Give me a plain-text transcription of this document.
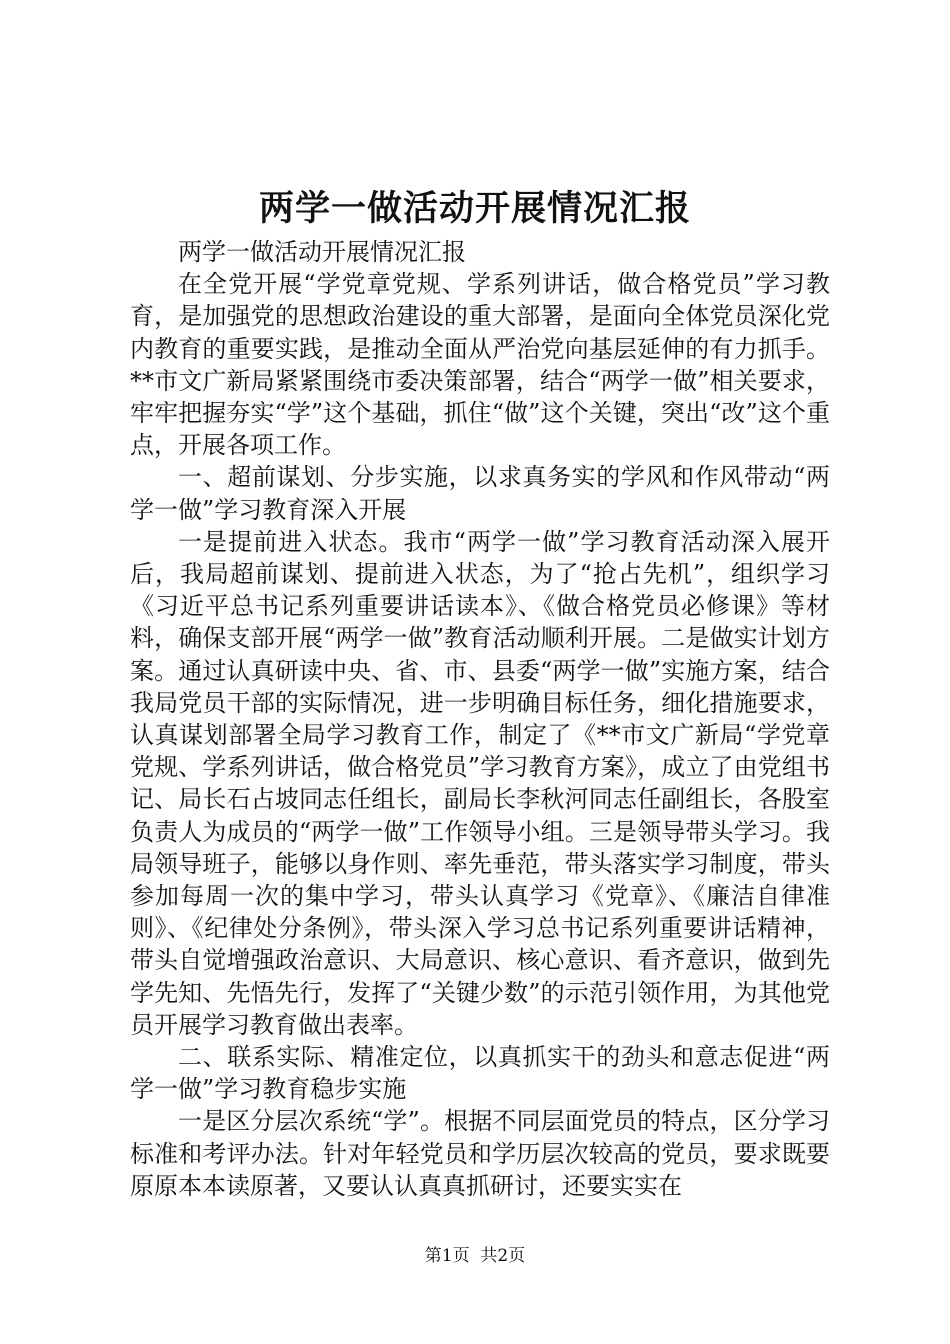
两学一做活动开展情况汇报

两学一做活动开展情况汇报

在全党开展“学党章党规、学系列讲话，做合格党员”学习教育，是加强党的思想政治建设的重大部署，是面向全体党员深化党内教育的重要实践，是推动全面从严治党向基层延伸的有力抓手。**市文广新局紧紧围绕市委决策部署，结合“两学一做”相关要求，牢牢把握夯实“学”这个基础，抓住“做”这个关键，突出“改”这个重点，开展各项工作。

一、超前谋划、分步实施，以求真务实的学风和作风带动“两学一做”学习教育深入开展

一是提前进入状态。我市“两学一做”学习教育活动深入展开后，我局超前谋划、提前进入状态，为了“抢占先机”，组织学习《习近平总书记系列重要讲话读本》、《做合格党员必修课》等材料，确保支部开展“两学一做”教育活动顺利开展。二是做实计划方案。通过认真研读中央、省、市、县委“两学一做”实施方案，结合我局党员干部的实际情况，进一步明确目标任务，细化措施要求，认真谋划部署全局学习教育工作，制定了《**市文广新局“学党章党规、学系列讲话，做合格党员”学习教育方案》，成立了由党组书记、局长石占坡同志任组长，副局长李秋河同志任副组长，各股室负责人为成员的“两学一做”工作领导小组。三是领导带头学习。我局领导班子，能够以身作则、率先垂范，带头落实学习制度，带头参加每周一次的集中学习，带头认真学习《党章》、《廉洁自律准则》、《纪律处分条例》，带头深入学习总书记系列重要讲话精神，带头自觉增强政治意识、大局意识、核心意识、看齐意识，做到先学先知、先悟先行，发挥了“关键少数”的示范引领作用，为其他党员开展学习教育做出表率。

二、联系实际、精准定位，以真抓实干的劲头和意志促进“两学一做”学习教育稳步实施

一是区分层次系统“学”。根据不同层面党员的特点，区分学习标准和考评办法。针对年轻党员和学历层次较高的党员，要求既要原原本本读原著，又要认认真真抓研讨，还要实实在

第1页 共2页
